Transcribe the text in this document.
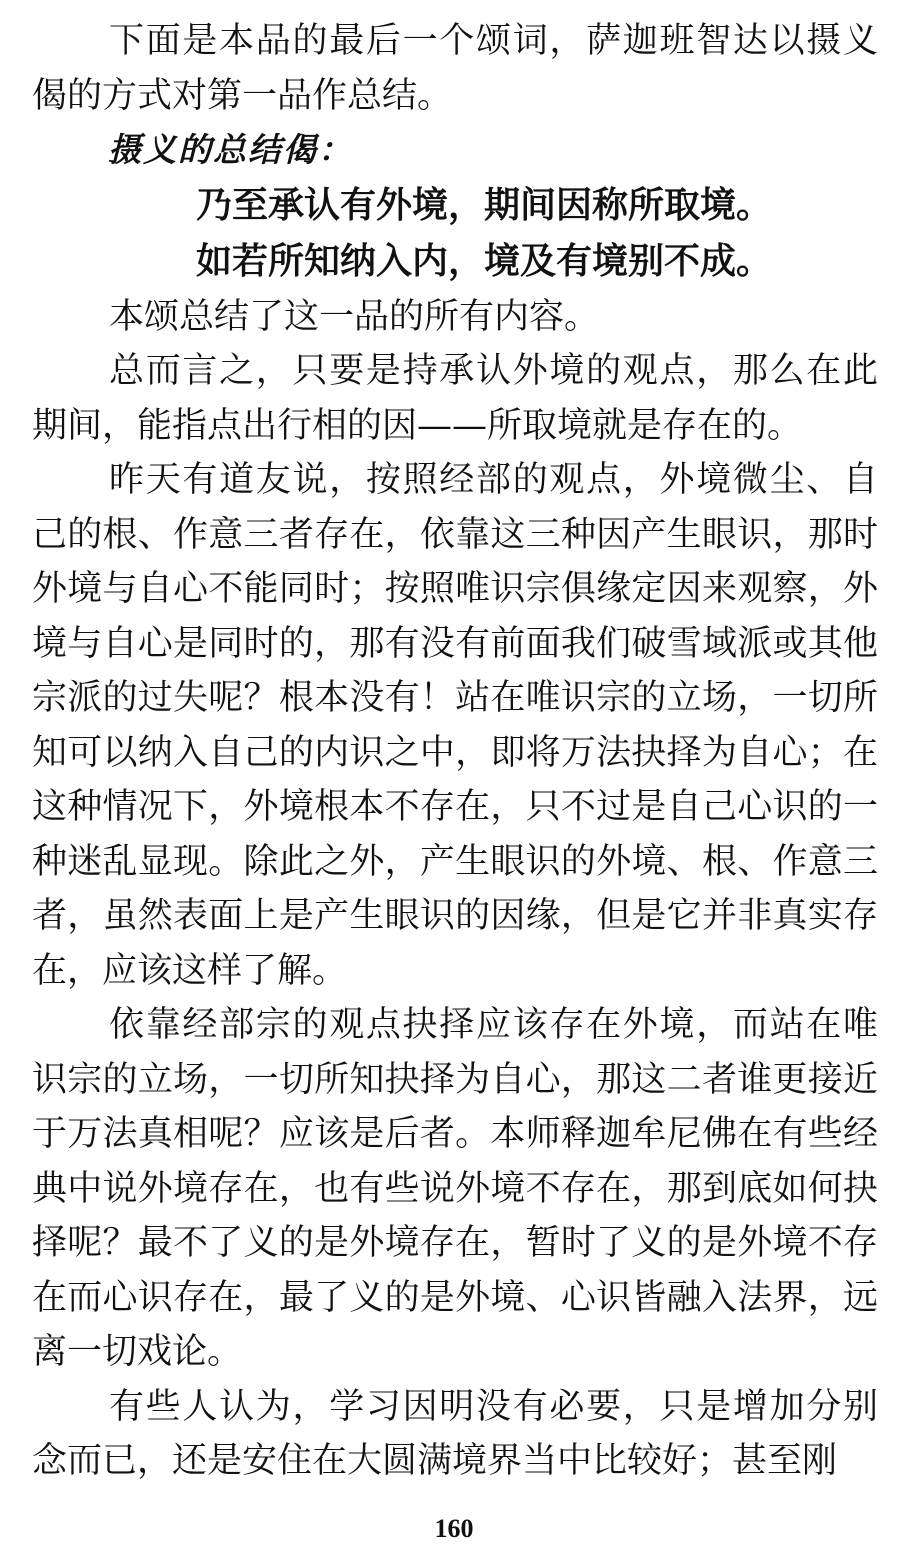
下面是本品的最后一个颂词，萨迦班智达以摄义偈的方式对第一品作总结。

摄义的总结偈：

乃至承认有外境，期间因称所取境。

如若所知纳入内，境及有境别不成。

本颂总结了这一品的所有内容。

总而言之，只要是持承认外境的观点，那么在此期间，能指点出行相的因——所取境就是存在的。

昨天有道友说，按照经部的观点，外境微尘、自己的根、作意三者存在，依靠这三种因产生眼识，那时外境与自心不能同时；按照唯识宗俱缘定因来观察，外境与自心是同时的，那有没有前面我们破雪域派或其他宗派的过失呢？根本没有！站在唯识宗的立场，一切所知可以纳入自己的内识之中，即将万法抉择为自心；在这种情况下，外境根本不存在，只不过是自己心识的一种迷乱显现。除此之外，产生眼识的外境、根、作意三者，虽然表面上是产生眼识的因缘，但是它并非真实存在，应该这样了解。

依靠经部宗的观点抉择应该存在外境，而站在唯识宗的立场，一切所知抉择为自心，那这二者谁更接近于万法真相呢？应该是后者。本师释迦牟尼佛在有些经典中说外境存在，也有些说外境不存在，那到底如何抉择呢？最不了义的是外境存在，暂时了义的是外境不存在而心识存在，最了义的是外境、心识皆融入法界，远离一切戏论。

有些人认为，学习因明没有必要，只是增加分别念而已，还是安住在大圆满境界当中比较好；甚至刚

160
